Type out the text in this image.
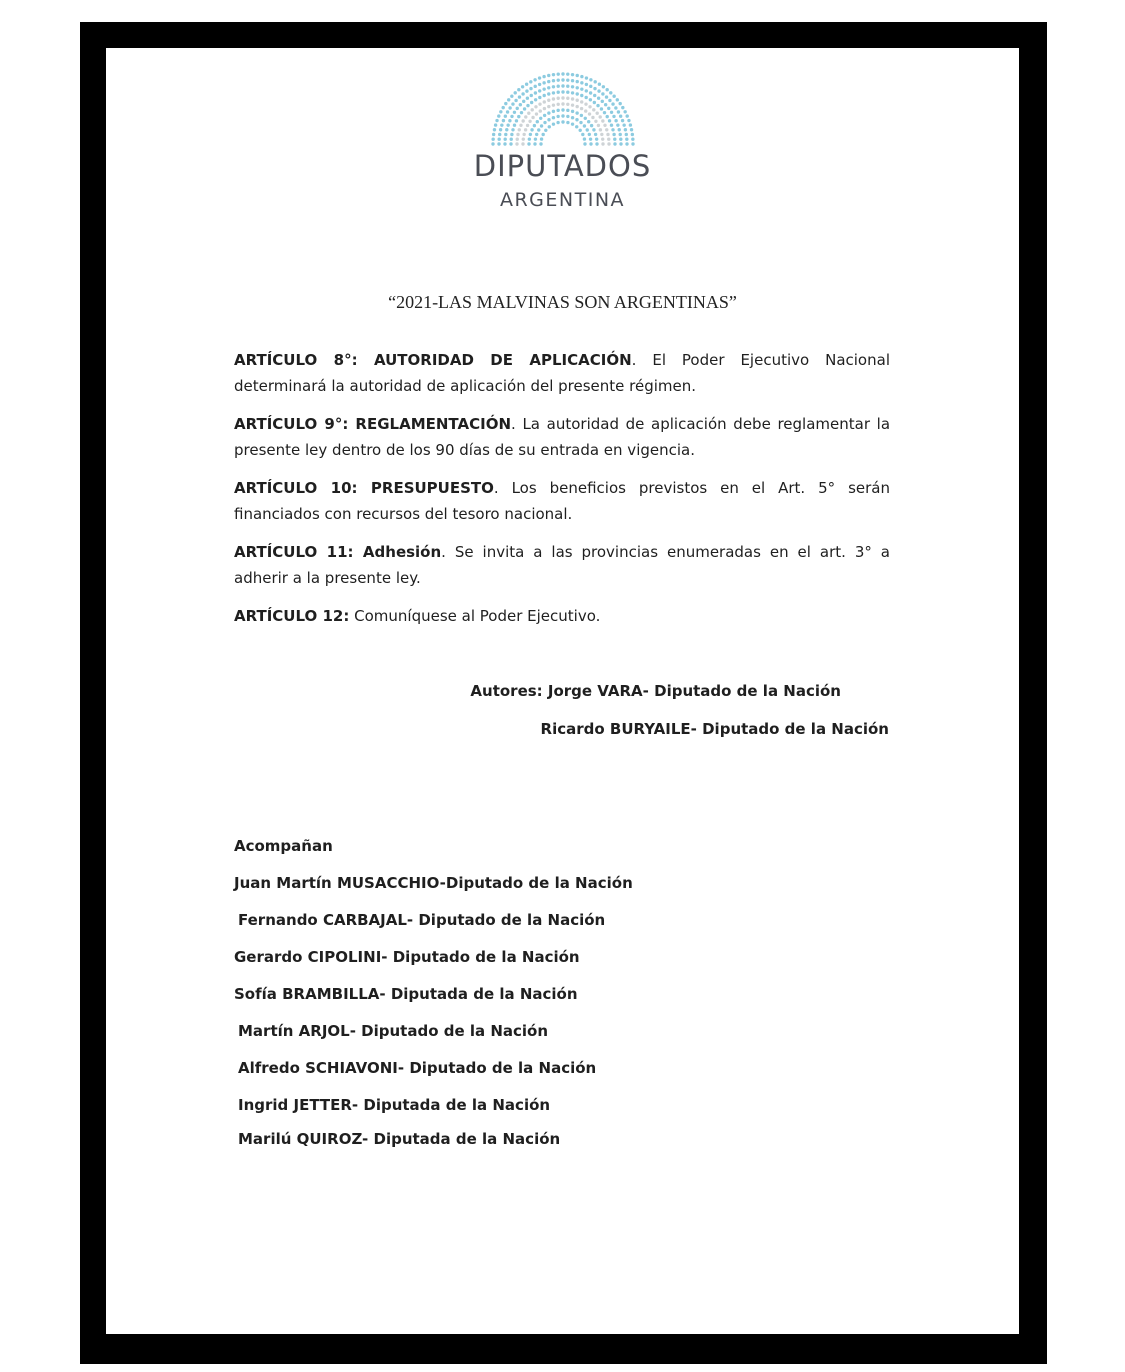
DIPUTADOS
ARGENTINA
“2021-LAS MALVINAS SON ARGENTINAS”

ARTÍCULO 8°: AUTORIDAD DE APLICACIÓN. El Poder Ejecutivo Nacional determinará la autoridad de aplicación del presente régimen.

ARTÍCULO 9°: REGLAMENTACIÓN. La autoridad de aplicación debe reglamentar la presente ley dentro de los 90 días de su entrada en vigencia.

ARTÍCULO 10: PRESUPUESTO. Los beneficios previstos en el Art. 5° serán financiados con recursos del tesoro nacional.

ARTÍCULO 11: Adhesión. Se invita a las provincias enumeradas en el art. 3° a adherir a la presente ley.

ARTÍCULO 12: Comuníquese al Poder Ejecutivo.

Autores: Jorge VARA- Diputado de la Nación
Ricardo BURYAILE- Diputado de la Nación
Acompañan
Juan Martín MUSACCHIO-Diputado de la Nación
Fernando CARBAJAL- Diputado de la Nación
Gerardo CIPOLINI- Diputado de la Nación
Sofía BRAMBILLA- Diputada de la Nación
Martín ARJOL- Diputado de la Nación
Alfredo SCHIAVONI- Diputado de la Nación
Ingrid JETTER- Diputada de la Nación
Marilú QUIROZ- Diputada de la Nación
